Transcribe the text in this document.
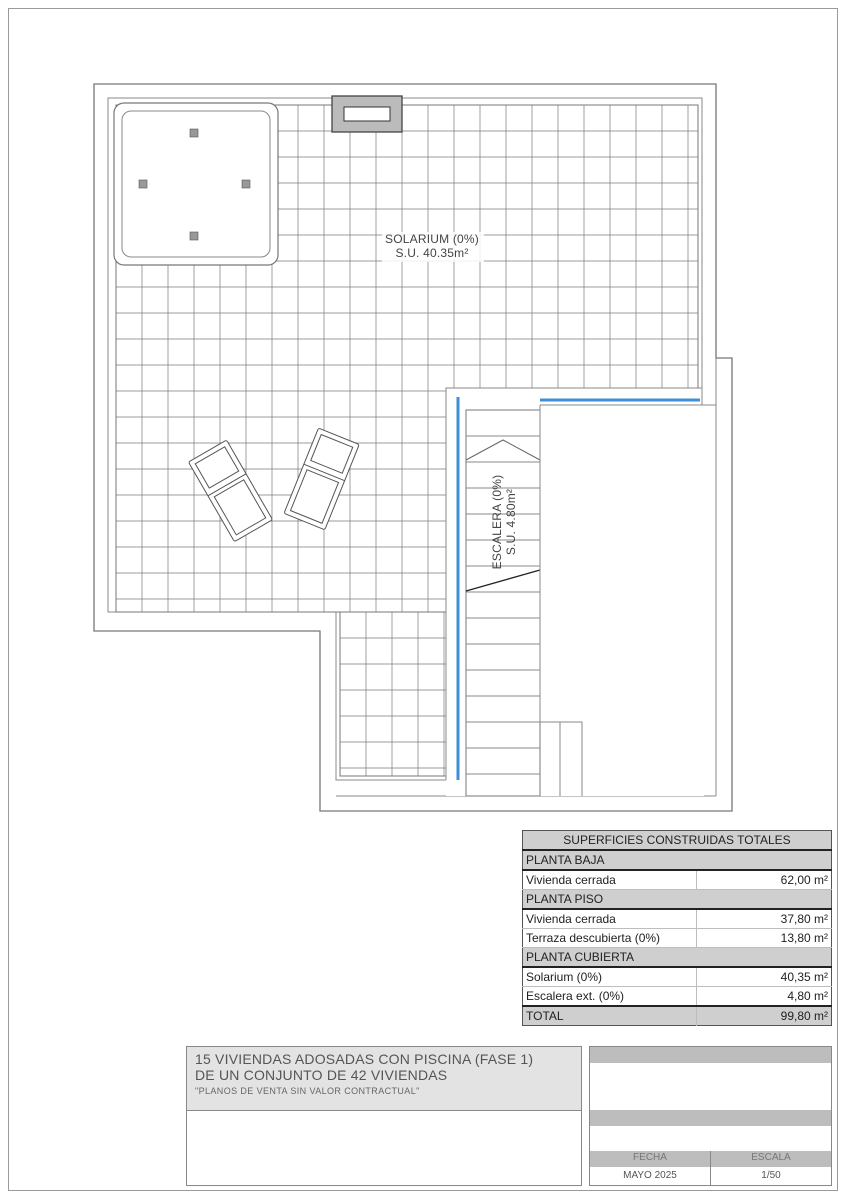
SOLARIUM (0%)
S.U. 40.35m²
ESCALERA (0%) S.U. 4.80m²
SUPERFICIES CONSTRUIDAS TOTALES	
PLANTA BAJA	
Vivienda cerrada	62,00 m²
PLANTA PISO	
Vivienda cerrada	37,80 m²
Terraza descubierta (0%)	13,80 m²
PLANTA CUBIERTA	
Solarium (0%)	40,35 m²
Escalera ext. (0%)	4,80 m²
TOTAL	99,80 m²
15 VIVIENDAS ADOSADAS CON PISCINA (FASE 1)
DE UN CONJUNTO DE 42 VIVIENDAS
"PLANOS DE VENTA SIN VALOR CONTRACTUAL"
FECHA	ESCALA
MAYO 2025	1/50
